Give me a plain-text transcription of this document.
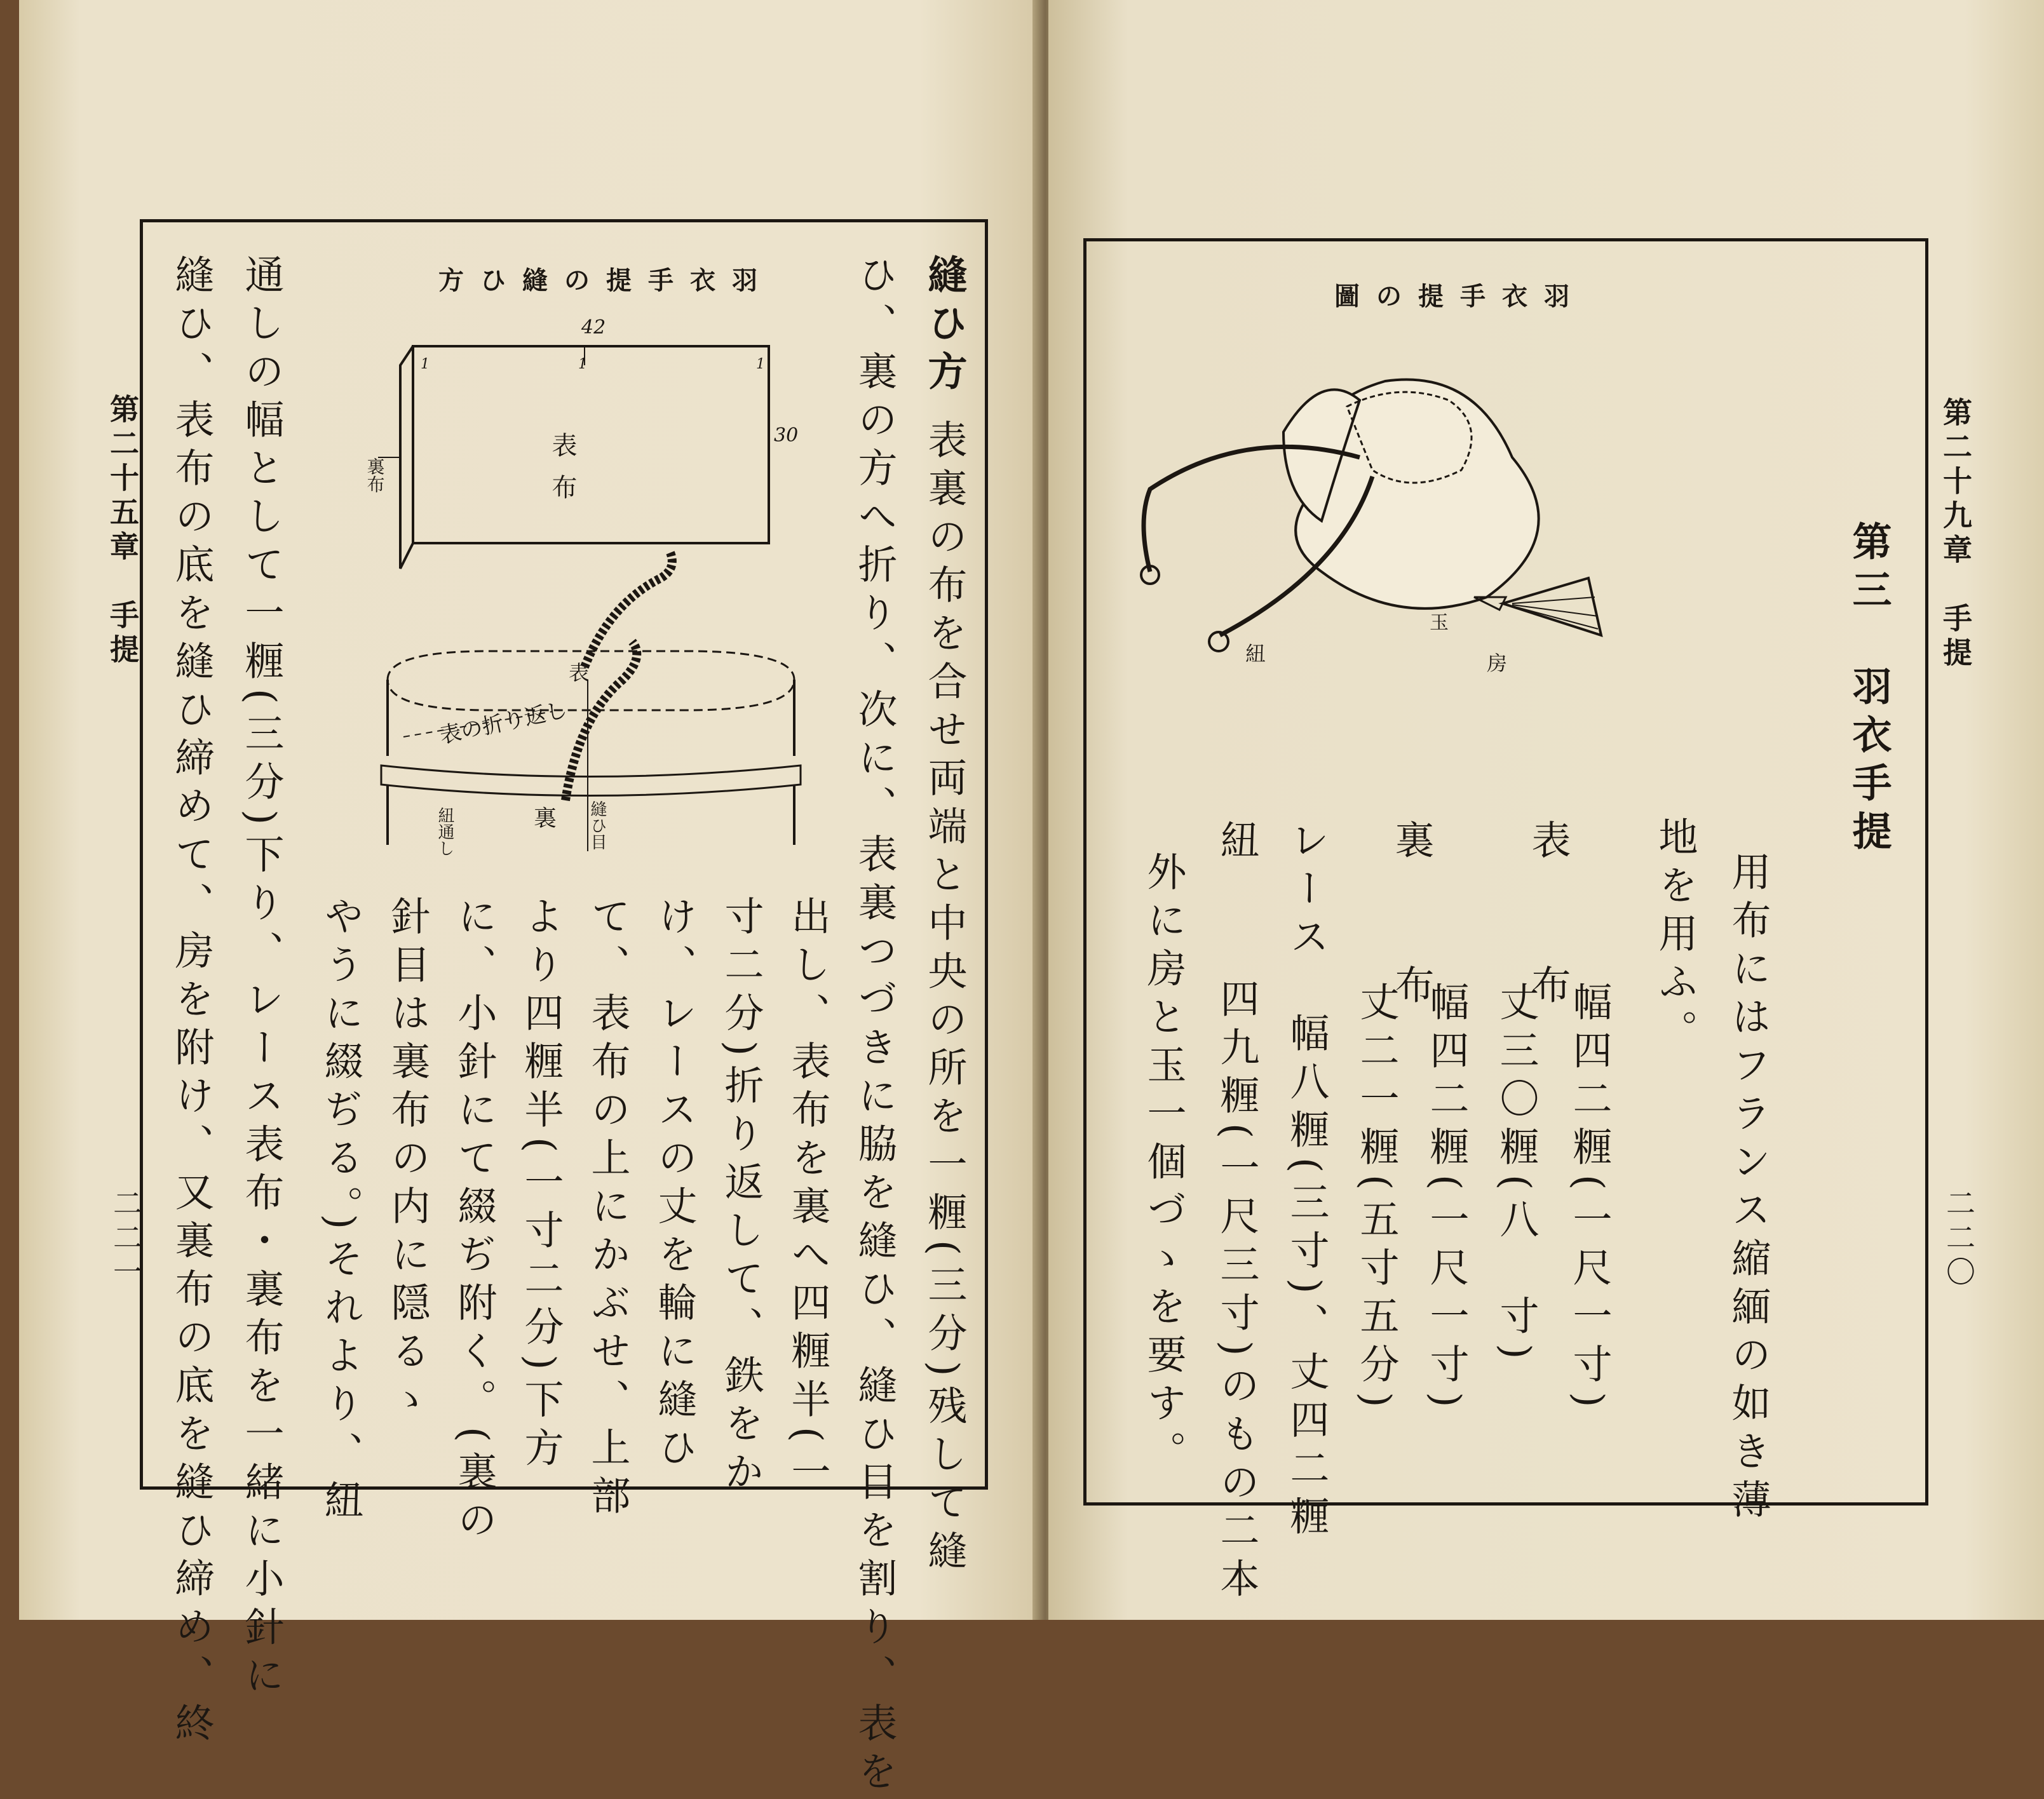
第二十五章　手提
二二一
方ひ縫の提手衣羽
42
30
1	1	1
表布
裏布
表
表の折り返し
裏
紐通し	縫ひ目
縫ひ方
表裏の布を合せ両端と中央の所を一糎(三分)残して縫
ひ、裏の方へ折り、次に、表裏つづきに脇を縫ひ、縫ひ目を割り、表を
出し、表布を裏へ四糎半(一
寸二分)折り返して、鉄をか
け、レースの丈を輪に縫ひ
て、表布の上にかぶせ、上部
より四糎半(一寸二分)下方
に、小針にて綴ぢ附く。(裏の
針目は裏布の内に隠るゝ
やうに綴ぢる。)それより、紐
通しの幅として一糎(三分)下り、レース表布・裏布を一緒に小針に
縫ひ、表布の底を縫ひ締めて、房を附け、又裏布の底を縫ひ締め、終	第二十九章　手提
二二〇
圖の提手衣羽
紐
玉
房	第三　羽衣手提
用布にはフランス縮緬の如き薄
地を用ふ。
表　　布
幅四二糎(一尺一寸)
丈三〇糎(八　寸)
裏　　布
幅四二糎(一尺一寸)
丈二一糎(五寸五分)
レース　幅八糎(三寸)、丈四二糎
紐
四九糎(一尺三寸)のもの二本
外に房と玉一個づゝを要す。
